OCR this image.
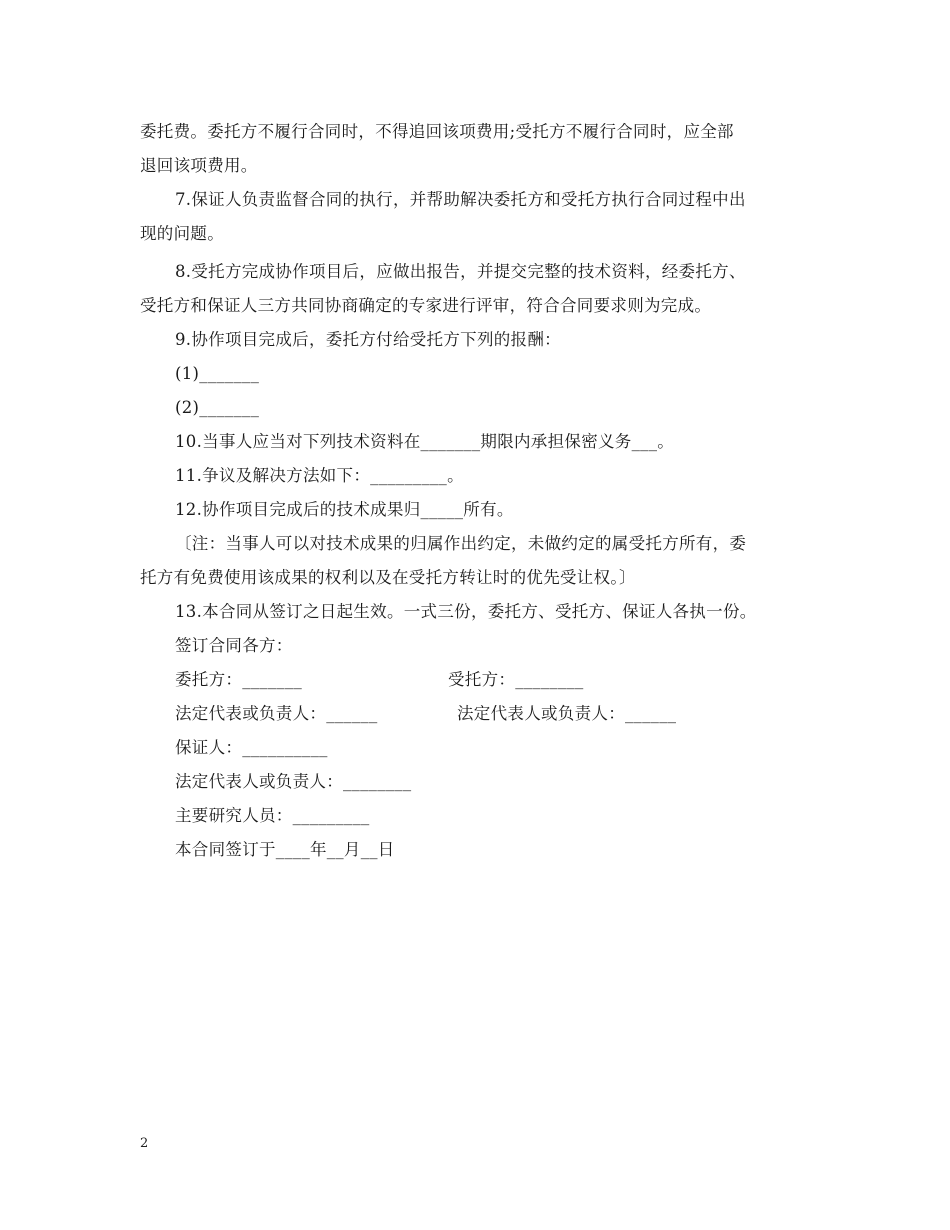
委托费。委托方不履行合同时，不得追回该项费用;受托方不履行合同时，应全部
退回该项费用。
7.保证人负责监督合同的执行，并帮助解决委托方和受托方执行合同过程中出
现的问题。
8.受托方完成协作项目后，应做出报告，并提交完整的技术资料，经委托方、
受托方和保证人三方共同协商确定的专家进行评审，符合合同要求则为完成。
9.协作项目完成后，委托方付给受托方下列的报酬：
(1)_______
(2)_______
10.当事人应当对下列技术资料在_______期限内承担保密义务___。
11.争议及解决方法如下：_________。
12.协作项目完成后的技术成果归_____所有。
〔注：当事人可以对技术成果的归属作出约定，未做约定的属受托方所有，委
托方有免费使用该成果的权利以及在受托方转让时的优先受让权。〕
13.本合同从签订之日起生效。一式三份，委托方、受托方、保证人各执一份。
签订合同各方：
委托方：_______	受托方：________
法定代表或负责人：______	法定代表人或负责人：______
保证人：__________
法定代表人或负责人：________
主要研究人员：_________
本合同签订于____年__月__日
2
